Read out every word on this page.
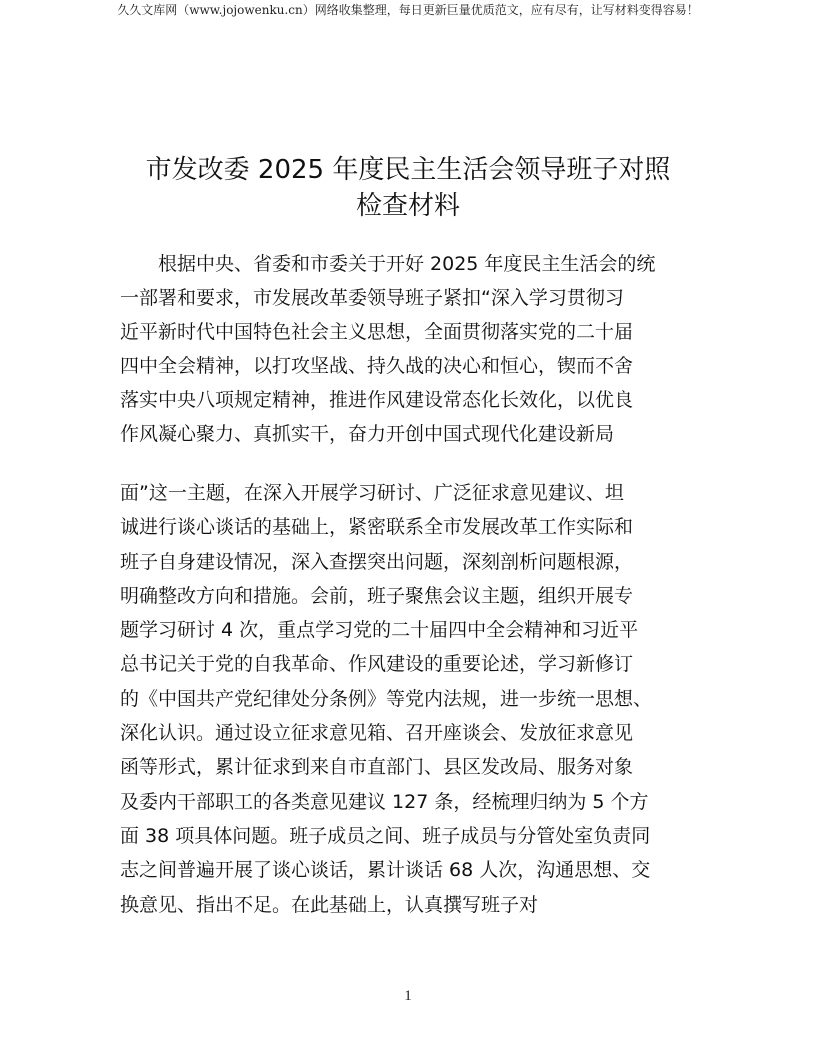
久久文库网（www.jojowenku.cn）网络收集整理，每日更新巨量优质范文，应有尽有，让写材料变得容易！
市发改委 2025 年度民主生活会领导班子对照
检查材料
　　根据中央、省委和市委关于开好 2025 年度民主生活会的统
一部署和要求，市发展改革委领导班子紧扣“深入学习贯彻习
近平新时代中国特色社会主义思想，全面贯彻落实党的二十届
四中全会精神，以打攻坚战、持久战的决心和恒心，锲而不舍
落实中央八项规定精神，推进作风建设常态化长效化，以优良
作风凝心聚力、真抓实干，奋力开创中国式现代化建设新局
面”这一主题，在深入开展学习研讨、广泛征求意见建议、坦
诚进行谈心谈话的基础上，紧密联系全市发展改革工作实际和
班子自身建设情况，深入查摆突出问题，深刻剖析问题根源，
明确整改方向和措施。会前，班子聚焦会议主题，组织开展专
题学习研讨 4 次，重点学习党的二十届四中全会精神和习近平
总书记关于党的自我革命、作风建设的重要论述，学习新修订
的《中国共产党纪律处分条例》等党内法规，进一步统一思想、
深化认识。通过设立征求意见箱、召开座谈会、发放征求意见
函等形式，累计征求到来自市直部门、县区发改局、服务对象
及委内干部职工的各类意见建议 127 条，经梳理归纳为 5 个方
面 38 项具体问题。班子成员之间、班子成员与分管处室负责同
志之间普遍开展了谈心谈话，累计谈话 68 人次，沟通思想、交
换意见、指出不足。在此基础上，认真撰写班子对
1
